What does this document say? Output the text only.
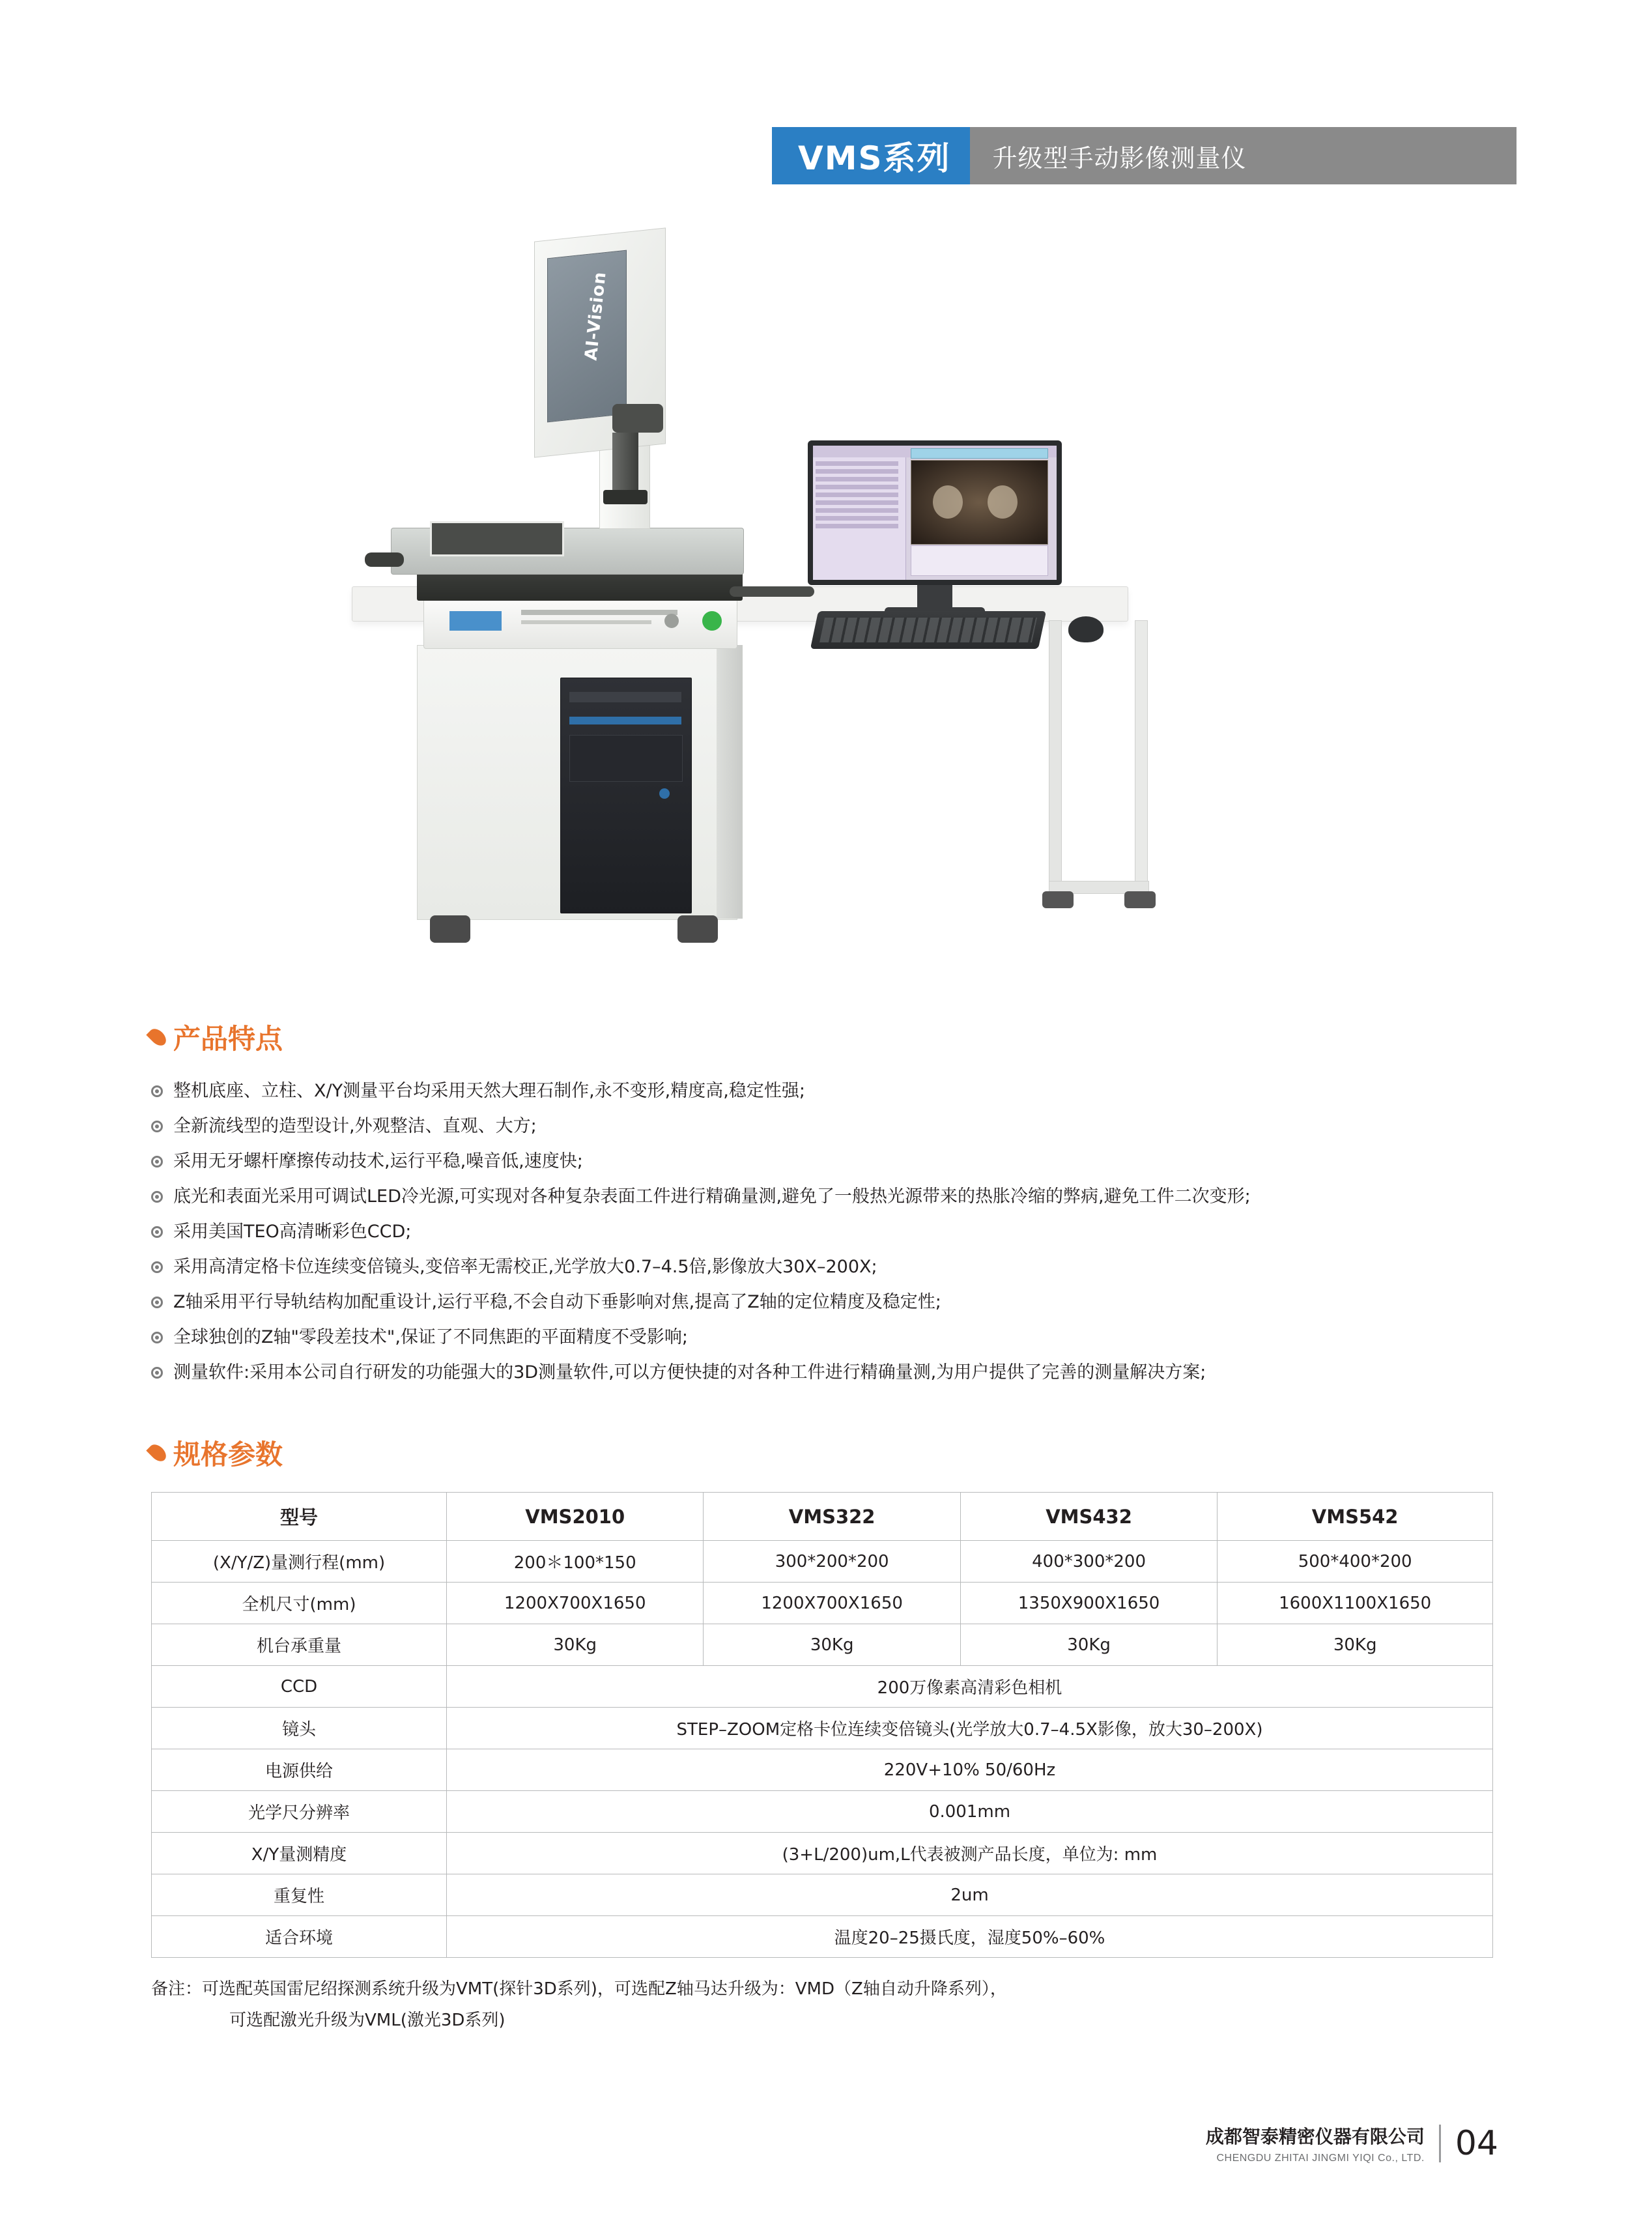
VMS系列	升级型手动影像测量仪
AI-Vision
产品特点
整机底座、立柱、X/Y测量平台均采用天然大理石制作,永不变形,精度高,稳定性强;
全新流线型的造型设计,外观整洁、直观、大方;
采用无牙螺杆摩擦传动技术,运行平稳,噪音低,速度快;
底光和表面光采用可调试LED冷光源,可实现对各种复杂表面工件进行精确量测,避免了一般热光源带来的热胀冷缩的弊病,避免工件二次变形;
采用美国TEO高清晰彩色CCD;
采用高清定格卡位连续变倍镜头,变倍率无需校正,光学放大0.7–4.5倍,影像放大30X–200X;
Z轴采用平行导轨结构加配重设计,运行平稳,不会自动下垂影响对焦,提高了Z轴的定位精度及稳定性;
全球独创的Z轴"零段差技术",保证了不同焦距的平面精度不受影响;
测量软件:采用本公司自行研发的功能强大的3D测量软件,可以方便快捷的对各种工件进行精确量测,为用户提供了完善的测量解决方案;
规格参数
型号	VMS2010	VMS322	VMS432	VMS542
(X/Y/Z)量测行程(mm)	200＊100*150	300*200*200	400*300*200	500*400*200
全机尺寸(mm)	1200X700X1650	1200X700X1650	1350X900X1650	1600X1100X1650
机台承重量	30Kg	30Kg	30Kg	30Kg
CCD	200万像素高清彩色相机			
镜头	STEP–ZOOM定格卡位连续变倍镜头(光学放大0.7–4.5X影像，放大30–200X)			
电源供给	220V+10% 50/60Hz			
光学尺分辨率	0.001mm			
X/Y量测精度	(3+L/200)um,L代表被测产品长度，单位为: mm			
重复性	2um			
适合环境	温度20–25摄氏度，湿度50%–60%			
备注：可选配英国雷尼绍探测系统升级为VMT(探针3D系列)，可选配Z轴马达升级为：VMD（Z轴自动升降系列），
可选配激光升级为VML(激光3D系列)
成都智泰精密仪器有限公司
CHENGDU ZHITAI JINGMI YIQI Co., LTD. 04
